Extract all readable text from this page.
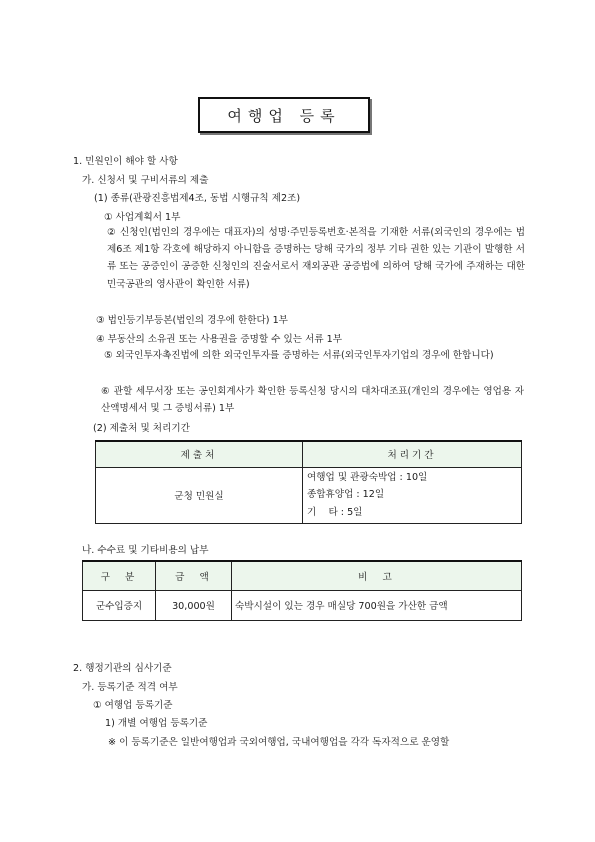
여행업 등록
1. 민원인이 해야 할 사항
가. 신청서 및 구비서류의 제출
(1) 종류(관광진흥법제4조, 동법 시행규칙 제2조)
① 사업계획서 1부
② 신청인(법인의 경우에는 대표자)의 성명·주민등록번호·본적을 기재한 서류(외국인의 경우에는 법제6조 제1항 각호에 해당하지 아니함을 증명하는 당해 국가의 정부 기타 권한 있는 기관이 발행한 서류 또는 공증인이 공증한 신청인의 진술서로서 재외공관 공증법에 의하여 당해 국가에 주재하는 대한민국공관의 영사관이 확인한 서류)
③ 법인등기부등본(법인의 경우에 한한다) 1부
④ 부동산의 소유권 또는 사용권을 증명할 수 있는 서류 1부
⑤ 외국인투자촉진법에 의한 외국인투자를 증명하는 서류(외국인투자기업의 경우에 한합니다)
⑥ 관할 세무서장 또는 공인회계사가 확인한 등록신청 당시의 대차대조표(개인의 경우에는 영업용 자산액명세서 및 그 증빙서류) 1부
(2) 제출처 및 처리기간
제출처	처리기간
군청 민원실	여행업 및 관광숙박업 : 10일
종합휴양업 : 12일
기    타 : 5일
나. 수수료 및 기타비용의 납부
구  분	금  액	비  고
군수입증지	30,000원	숙박시설이 있는 경우 매실당 700원을 가산한 금액
2. 행정기관의 심사기준
가. 등록기준 적격 여부
① 여행업 등록기준
1) 개별 여행업 등록기준
※ 이 등록기준은 일반여행업과 국외여행업, 국내여행업을 각각 독자적으로 운영할
